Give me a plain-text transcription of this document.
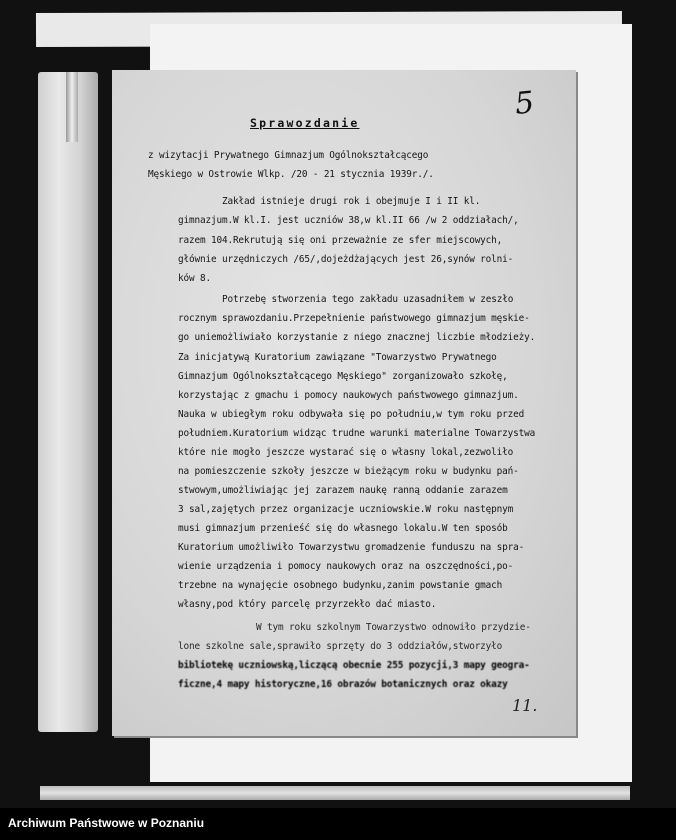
5
Sprawozdanie
z wizytacji Prywatnego Gimnazjum Ogólnokształcącego
Męskiego w Ostrowie Wlkp. /20 - 21 stycznia 1939r./.
Zakład istnieje drugi rok i obejmuje I i II kl.
gimnazjum.W kl.I. jest uczniów 38,w kl.II 66 /w 2 oddziałach/,
razem 104.Rekrutują się oni przeważnie ze sfer miejscowych,
głównie urzędniczych /65/,dojeżdżających jest 26,synów rolni-
ków 8.
Potrzebę stworzenia tego zakładu uzasadniłem w zeszło
rocznym sprawozdaniu.Przepełnienie państwowego gimnazjum męskie-
go uniemożliwiało korzystanie z niego znacznej liczbie młodzieży.
Za inicjatywą Kuratorium zawiązane "Towarzystwo Prywatnego
Gimnazjum Ogólnokształcącego Męskiego" zorganizowało szkołę,
korzystając z gmachu i pomocy naukowych państwowego gimnazjum.
Nauka w ubiegłym roku odbywała się po południu,w tym roku przed
południem.Kuratorium widząc trudne warunki materialne Towarzystwa
które nie mogło jeszcze wystarać się o własny lokal,zezwoliło
na pomieszczenie szkoły jeszcze w bieżącym roku w budynku pań-
stwowym,umożliwiając jej zarazem naukę ranną oddanie zarazem
3 sal,zajętych przez organizacje uczniowskie.W roku następnym
musi gimnazjum przenieść się do własnego lokalu.W ten sposób
Kuratorium umożliwiło Towarzystwu gromadzenie funduszu na spra-
wienie urządzenia i pomocy naukowych oraz na oszczędności,po-
trzebne na wynajęcie osobnego budynku,zanim powstanie gmach
własny,pod który parcelę przyrzekło dać miasto.
W tym roku szkolnym Towarzystwo odnowiło przydzie-
lone szkolne sale,sprawiło sprzęty do 3 oddziałów,stworzyło
bibliotekę uczniowską,liczącą obecnie 255 pozycji,3 mapy geogra-
ficzne,4 mapy historyczne,16 obrazów botanicznych oraz okazy
11.
Archiwum Państwowe w Poznaniu
